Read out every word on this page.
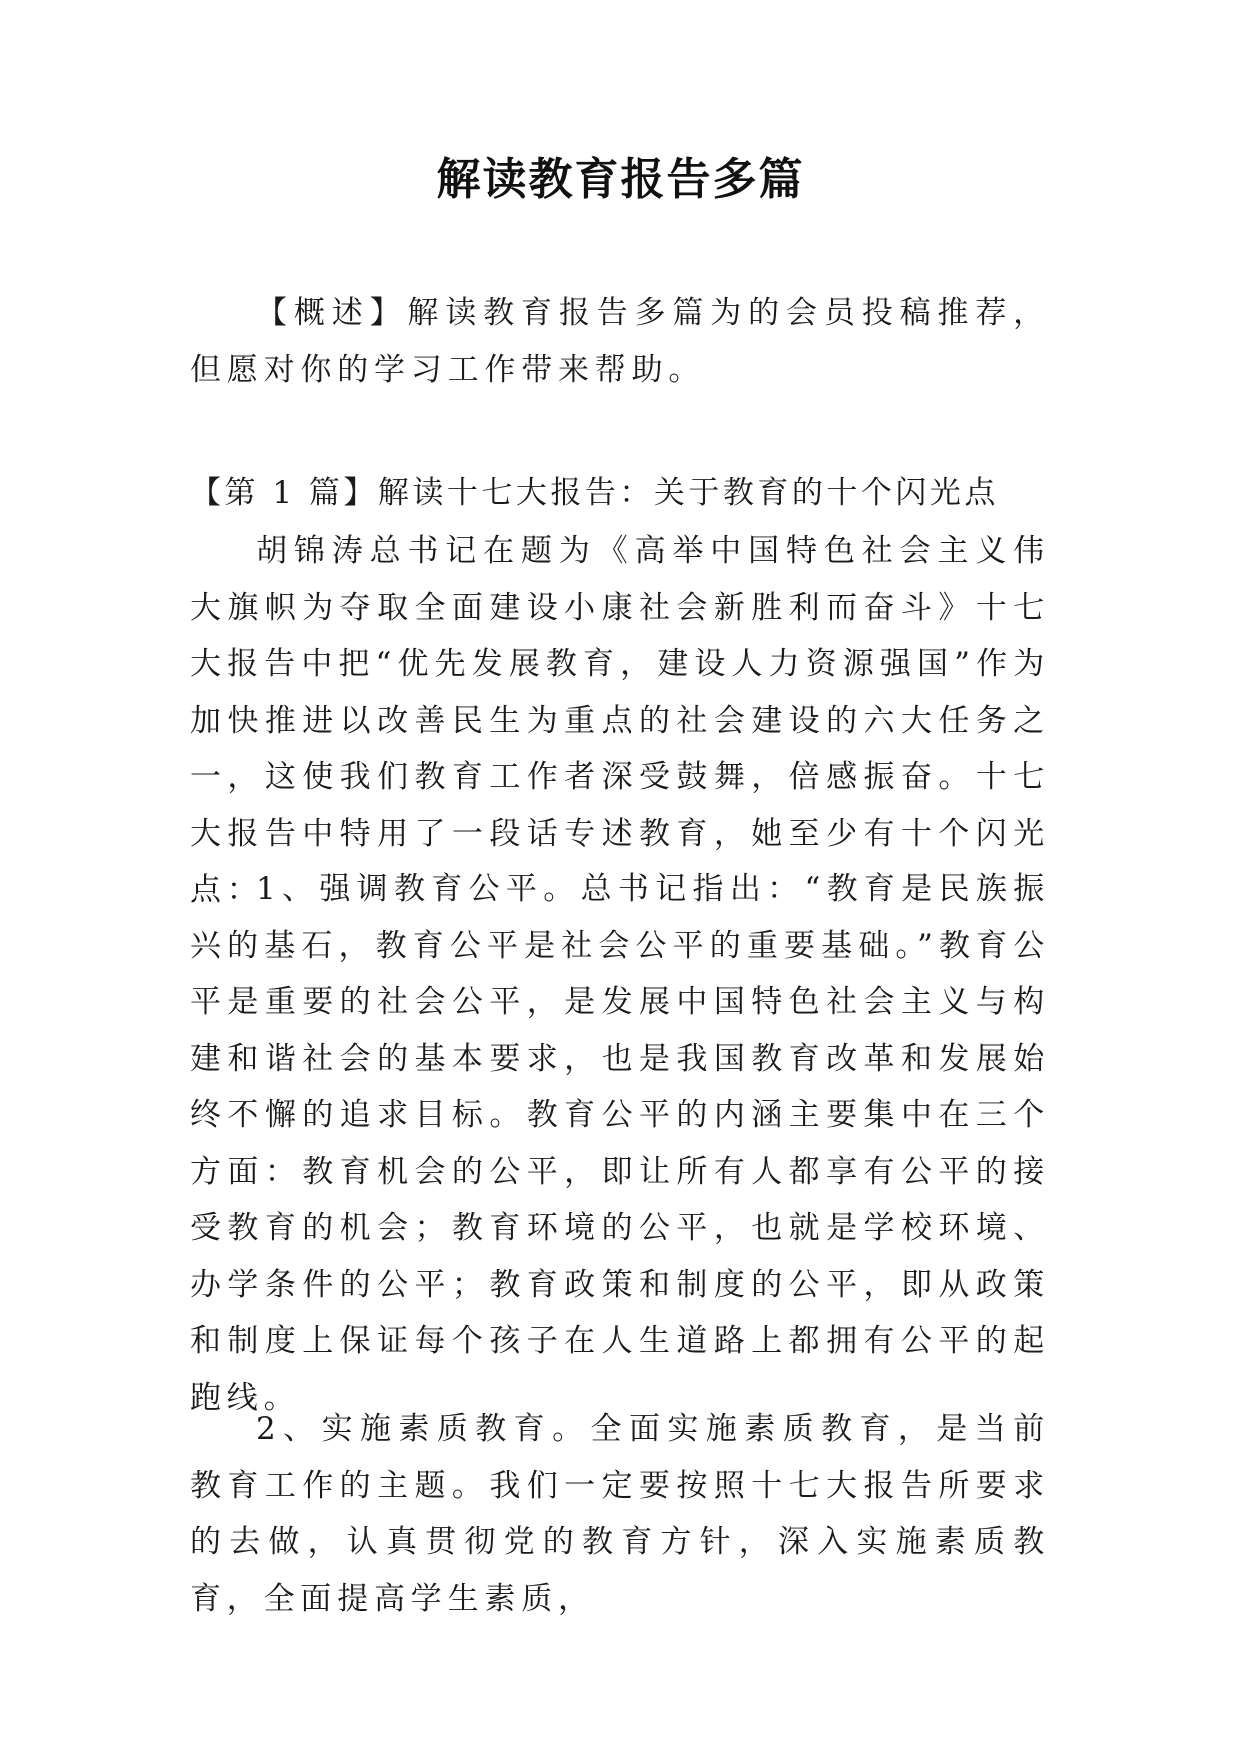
解读教育报告多篇

【概述】解读教育报告多篇为的会员投稿推荐，但愿对你的学习工作带来帮助。

【第 1 篇】解读十七大报告：关于教育的十个闪光点

胡锦涛总书记在题为《高举中国特色社会主义伟大旗帜为夺取全面建设小康社会新胜利而奋斗》十七大报告中把“优先发展教育，建设人力资源强国”作为加快推进以改善民生为重点的社会建设的六大任务之一，这使我们教育工作者深受鼓舞，倍感振奋。十七大报告中特用了一段话专述教育，她至少有十个闪光点：

1、强调教育公平。总书记指出：“教育是民族振兴的基石，教育公平是社会公平的重要基础。”教育公平是重要的社会公平，是发展中国特色社会主义与构建和谐社会的基本要求，也是我国教育改革和发展始终不懈的追求目标。教育公平的内涵主要集中在三个方面：教育机会的公平，即让所有人都享有公平的接受教育的机会；教育环境的公平，也就是学校环境、办学条件的公平；教育政策和制度的公平，即从政策和制度上保证每个孩子在人生道路上都拥有公平的起跑线。

2、实施素质教育。全面实施素质教育，是当前教育工作的主题。我们一定要按照十七大报告所要求的去做，认真贯彻党的教育方针，深入实施素质教育，全面提高学生素质，
